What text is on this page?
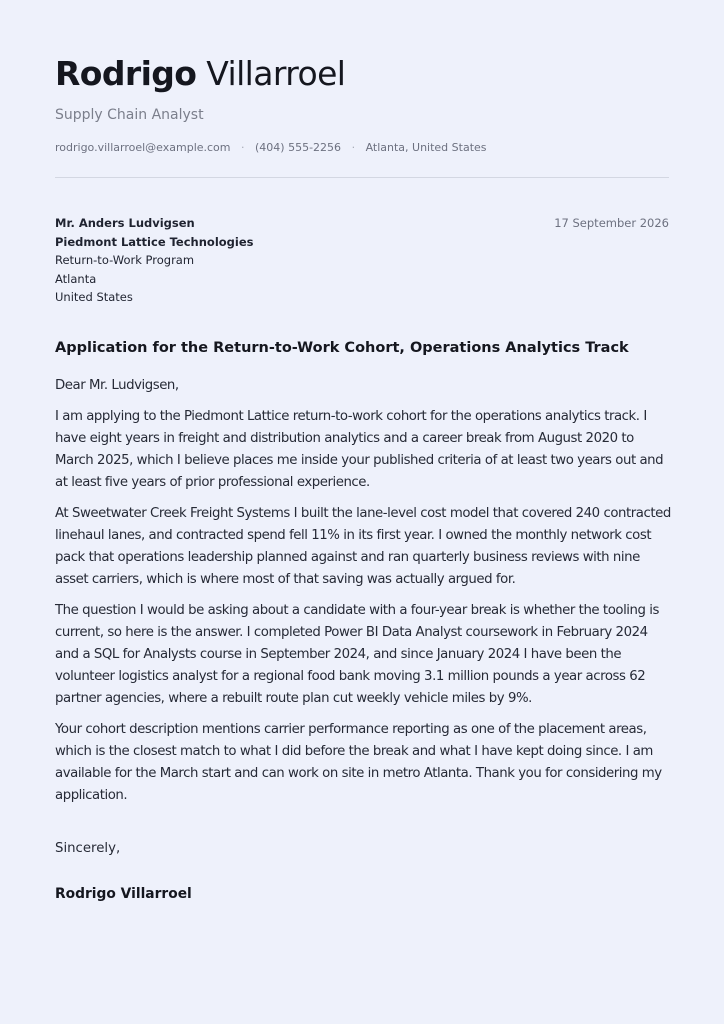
Rodrigo Villarroel
Supply Chain Analyst
rodrigo.villarroel@example.com · (404) 555-2256 · Atlanta, United States
Mr. Anders Ludvigsen
Piedmont Lattice Technologies
Return-to-Work Program
Atlanta
United States
17 September 2026
Application for the Return-to-Work Cohort, Operations Analytics Track

Dear Mr. Ludvigsen,

I am applying to the Piedmont Lattice return-to-work cohort for the operations analytics track. I have eight years in freight and distribution analytics and a career break from August 2020 to March 2025, which I believe places me inside your published criteria of at least two years out and at least five years of prior professional experience.

At Sweetwater Creek Freight Systems I built the lane-level cost model that covered 240 contracted linehaul lanes, and contracted spend fell 11% in its first year. I owned the monthly network cost pack that operations leadership planned against and ran quarterly business reviews with nine asset carriers, which is where most of that saving was actually argued for.

The question I would be asking about a candidate with a four-year break is whether the tooling is current, so here is the answer. I completed Power BI Data Analyst coursework in February 2024 and a SQL for Analysts course in September 2024, and since January 2024 I have been the volunteer logistics analyst for a regional food bank moving 3.1 million pounds a year across 62 partner agencies, where a rebuilt route plan cut weekly vehicle miles by 9%.

Your cohort description mentions carrier performance reporting as one of the placement areas, which is the closest match to what I did before the break and what I have kept doing since. I am available for the March start and can work on site in metro Atlanta. Thank you for considering my application.

Sincerely,
Rodrigo Villarroel
